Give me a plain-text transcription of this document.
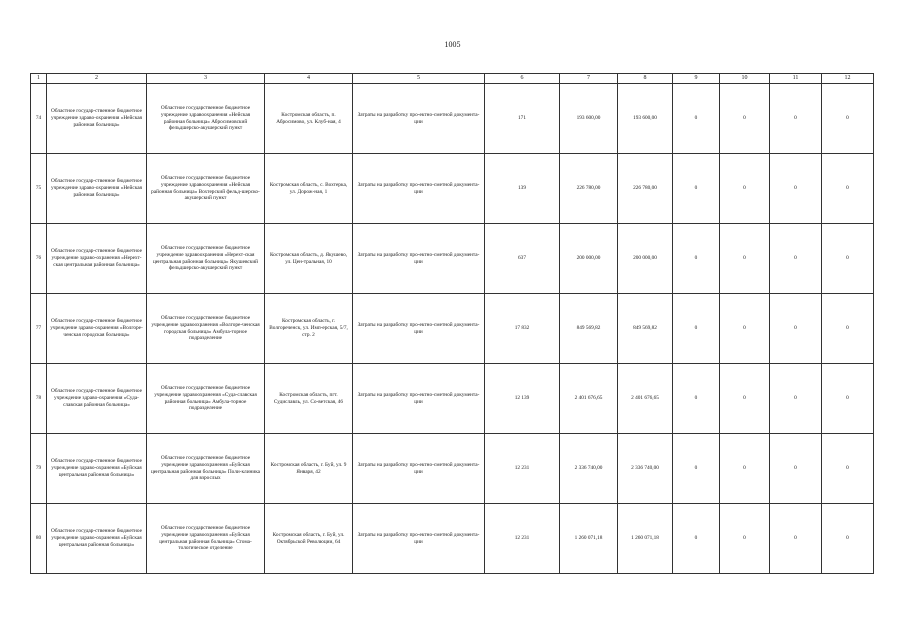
1005
1	2	3	4	5	6	7	8	9	10	11	12
74	Областное государ-ственное бюджетное учреждение здраво-охранения «Нейская районная больница»	Областное государственное бюджетное учреждение здравоохранения «Нейская районная больница» Абросимовский фельдшерско-акушерский пункт	Костромская область, п. Абросимово, ул. Клуб-ная, 4	Затраты на разработку про-ектно-сметной документа-ции	171	193 600,00	193 600,00	0	0	0	0
75	Областное государ-ственное бюджетное учреждение здраво-охранения «Нейская районная больница»	Областное государственное бюджетное учреждение здравоохранения «Нейская районная больница» Вохтерский фельд-шерско-акушерский пункт	Костромская область, с. Вохтерка, ул. Дорож-ная, 1	Затраты на разработку про-ектно-сметной документа-ции	139	226 780,00	226 780,00	0	0	0	0
76	Областное государ-ственное бюджетное учреждение здраво-охранения «Нерехт-ская центральная районная больница»	Областное государственное бюджетное учреждение здравоохранения «Нерехт-ская центральная районная больница» Якушевский фельдшерско-акушерский пункт	Костромская область, д. Якушево, ул. Цен-тральная, 10	Затраты на разработку про-ектно-сметной документа-ции	637	200 000,00	200 000,00	0	0	0	0
77	Областное государ-ственное бюджетное учреждение здраво-охранения «Волгоре-ченская городская больница»	Областное государственное бюджетное учреждение здравоохранения «Волгоре-ченская городская больница» Амбула-торное подразделение	Костромская область, г. Волгореченск, ул. Имп-ерская, 5/7, стр. 2	Затраты на разработку про-ектно-сметной документа-ции	17 832	849 569,82	849 569,82	0	0	0	0
78	Областное государ-ственное бюджетное учреждение здраво-охранения «Суда-славская районная больница»	Областное государственное бюджетное учреждение здравоохранения «Суда-славская районная больница» Амбула-торное подразделение	Костромская область, пгт. Судиславль, ул. Со-ветская, 46	Затраты на разработку про-ектно-сметной документа-ции	12 139	2 401 676,65	2 401 676,65	0	0	0	0
79	Областное государ-ственное бюджетное учреждение здраво-охранения «Буйская центральная районная больница»	Областное государственное бюджетное учреждение здравоохранения «Буйская центральная районная больница» Поли-клиника для взрослых	Костромская область, г. Буй, ул. 9 Января, 42	Затраты на разработку про-ектно-сметной документа-ции	12 231	2 336 740,00	2 336 740,00	0	0	0	0
80	Областное государ-ственное бюджетное учреждение здраво-охранения «Буйская центральная районная больница»	Областное государственное бюджетное учреждение здравоохранения «Буйская центральная районная больница» Стома-тологическое отделение	Костромская область, г. Буй, ул. Октябрьской Революции, 64	Затраты на разработку про-ектно-сметной документа-ции	12 231	1 260 071,18	1 260 071,18	0	0	0	0
